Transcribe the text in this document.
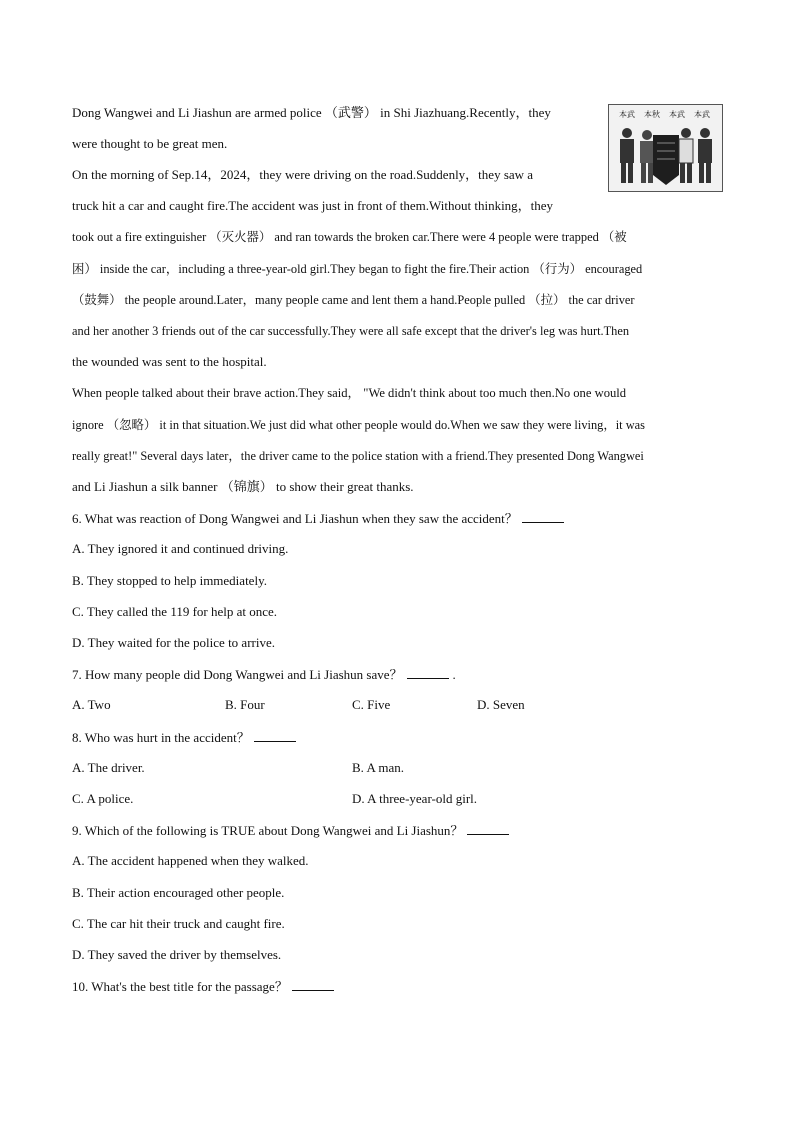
Dong Wangwei and Li Jiashun are armed police （武警） in Shi Jiazhuang.Recently，they
were thought to be great men.
On the morning of Sep.14，2024，they were driving on the road.Suddenly，they saw a
truck hit a car and caught fire.The accident was just in front of them.Without thinking，they
took out a fire extinguisher （灭火器） and ran towards the broken car.There were 4 people were trapped （被
困） inside the car，including a three-year-old girl.They began to fight the fire.Their action （行为） encouraged
（鼓舞） the people around.Later，many people came and lent them a hand.People pulled （拉） the car driver
and her another 3 friends out of the car successfully.They were all safe except that the driver's leg was hurt.Then
the wounded was sent to the hospital.
When people talked about their brave action.They said， "We didn't think about too much then.No one would
ignore （忽略） it in that situation.We just did what other people would do.When we saw they were living，it was
really great!" Several days later，the driver came to the police station with a friend.They presented Dong Wangwei
and Li Jiashun a silk banner （锦旗） to show their great thanks.
本武 本秋 本武 本武
6. What was reaction of Dong Wangwei and Li Jiashun when they saw the accident？
A. They ignored it and continued driving.
B. They stopped to help immediately.
C. They called the 119 for help at once.
D. They waited for the police to arrive.
7. How many people did Dong Wangwei and Li Jiashun save？	.
A. Two	B. Four	C. Five	D. Seven
8. Who was hurt in the accident？
A. The driver.	B. A man.
C. A police.	D. A three-year-old girl.
9. Which of the following is TRUE about Dong Wangwei and Li Jiashun？
A. The accident happened when they walked.
B. Their action encouraged other people.
C. The car hit their truck and caught fire.
D. They saved the driver by themselves.
10. What's the best title for the passage？
